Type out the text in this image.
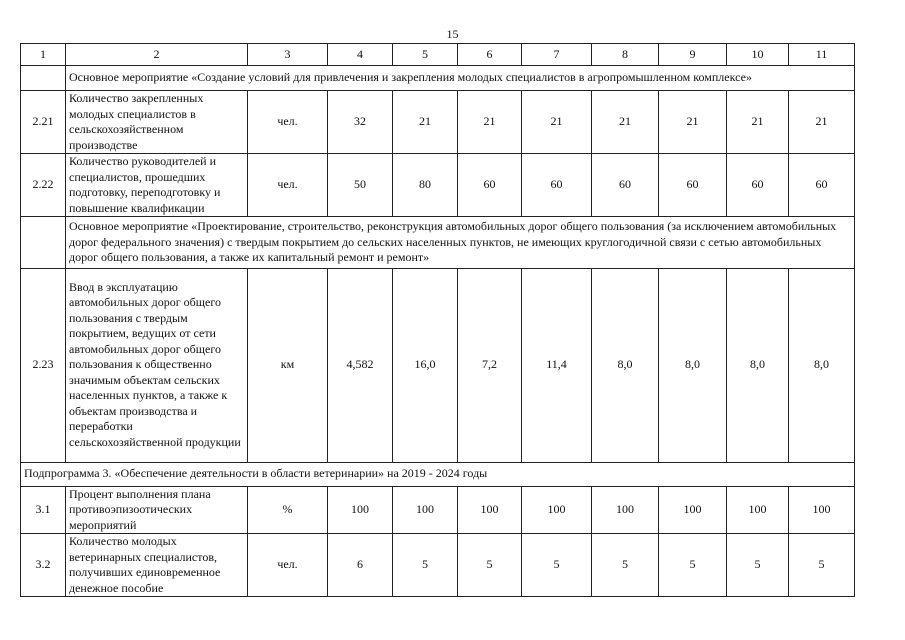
15
1	2	3	4	5	6	7	8	9	10	11
	Основное мероприятие «Создание условий для привлечения и закрепления молодых специалистов в агропромышленном комплексе»									
2.21	Количество закрепленных молодых специалистов в сельскохозяйственном производстве	чел.	32	21	21	21	21	21	21	21
2.22	Количество руководителей и специалистов, прошедших подготовку, переподготовку и повышение квалификации	чел.	50	80	60	60	60	60	60	60
	Основное мероприятие «Проектирование, строительство, реконструкция автомобильных дорог общего пользования (за исключением автомобильных дорог федерального значения) с твердым покрытием до сельских населенных пунктов, не имеющих круглогодичной связи с сетью автомобильных дорог общего пользования, а также их капитальный ремонт и ремонт»									
2.23	Ввод в эксплуатацию автомобильных дорог общего пользования с твердым покрытием, ведущих от сети автомобильных дорог общего пользования к общественно значимым объектам сельских населенных пунктов, а также к объектам производства и переработки сельскохозяйственной продукции	км	4,582	16,0	7,2	11,4	8,0	8,0	8,0	8,0
Подпрограмма 3. «Обеспечение деятельности в области ветеринарии» на 2019 - 2024 годы										
3.1	Процент выполнения плана противоэпизоотических мероприятий	%	100	100	100	100	100	100	100	100
3.2	Количество молодых ветеринарных специалистов, получивших единовременное денежное пособие	чел.	6	5	5	5	5	5	5	5
